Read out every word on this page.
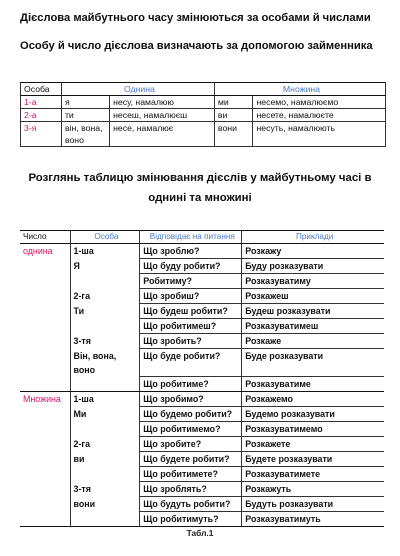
Дієслова майбутнього часу змінюються за особами й числами
Особу й число дієслова визначають за допомогою займенника
Особа	Однина		Множина	
1-а	я	несу, намалюю	ми	несемо, намалюємо
2-а	ти	несеш, намалюєш	ви	несете, намалюєте
3-я	він, вона,
воно	несе, намалює	вони	несуть, намалюють
Розглянь таблицю змінювання дієслів у майбутньому часі в однині та множині
Число	Особа	Відповідає на питання	Приклади
однина	1-ша	Що зроблю?	Розкажу
	Я	Що буду робити?	Буду розказувати
		Робитиму?	Розказуватиму
	2-га	Що зробиш?	Розкажеш
	Ти	Що будеш робити?	Будеш розказувати
		Що робитимеш?	Розказуватимеш
	3-тя	Що зробить?	Розкаже
	Він, вона, воно	Що буде робити?	Буде розказувати
		Що робитиме?	Розказуватиме
Множина	1-ша	Що зробимо?	Розкажемо
	Ми	Що будемо робити?	Будемо розказувати
		Що робитимемо?	Розказуватимемо
	2-га	Що зробите?	Розкажете
	ви	Що будете робити?	Будете розказувати
		Що робитимете?	Розказуватимете
	3-тя	Що зроблять?	Розкажуть
	вони	Що будуть робити?	Будуть розказувати
		Що робитимуть?	Розказуватимуть
Табл.1
